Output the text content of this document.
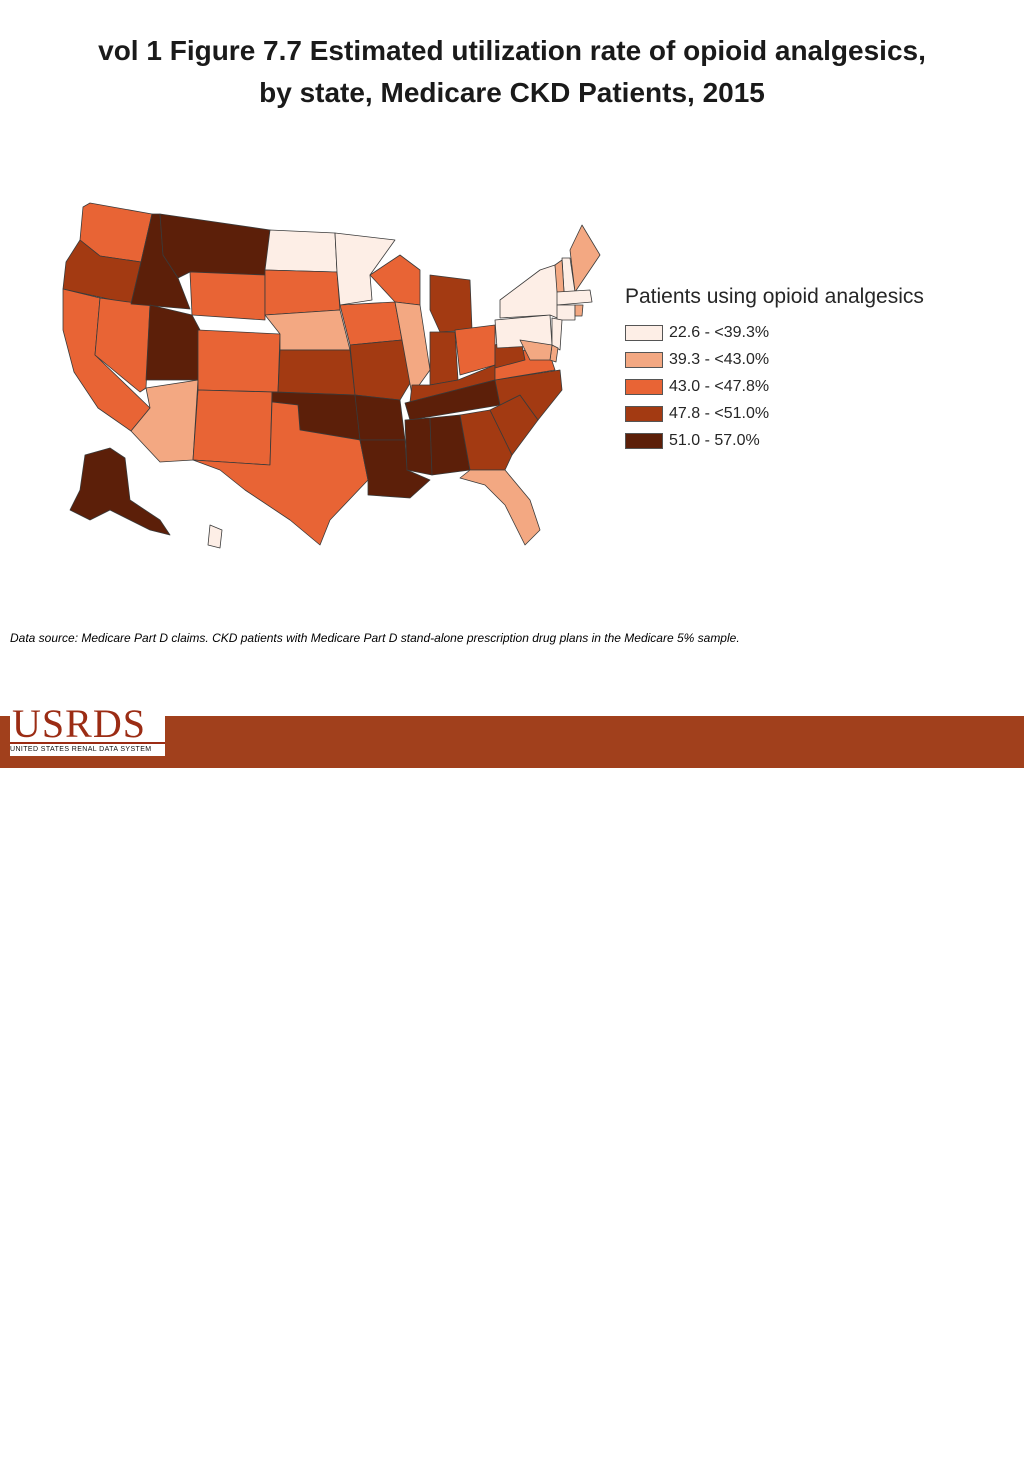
vol 1 Figure 7.7 Estimated utilization rate of opioid analgesics,
by state, Medicare CKD Patients, 2015
Patients using opioid analgesics
22.6 - <39.3%
39.3 - <43.0%
43.0 - <47.8%
47.8 - <51.0%
51.0 - 57.0%
Data source: Medicare Part D claims. CKD patients with Medicare Part D stand-alone prescription drug plans in the Medicare 5% sample.
2017 Annual Data Report
Volume 1 CKD, Chapter 7
20
USRDS
UNITED STATES RENAL DATA SYSTEM
